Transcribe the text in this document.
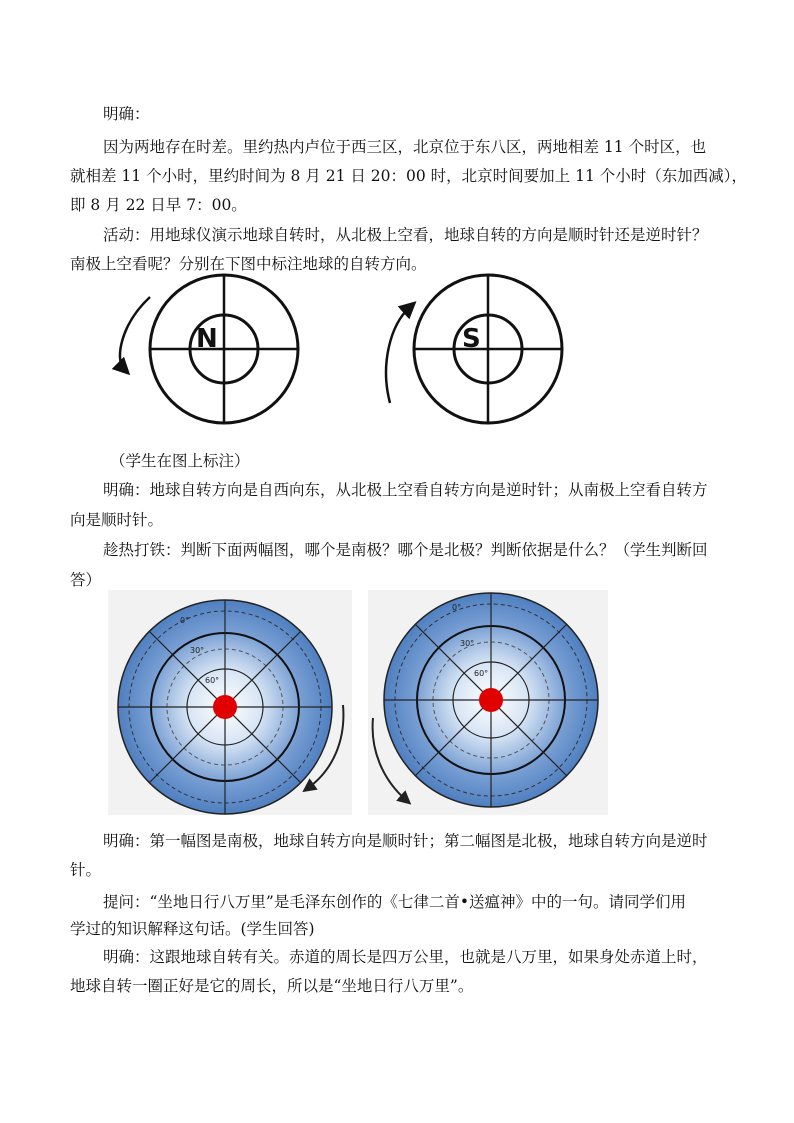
明确：
因为两地存在时差。里约热内卢位于西三区，北京位于东八区，两地相差 11 个时区，也
就相差 11 个小时，里约时间为 8 月 21 日 20：00 时，北京时间要加上 11 个小时（东加西减），
即 8 月 22 日早 7：00。
活动：用地球仪演示地球自转时，从北极上空看，地球自转的方向是顺时针还是逆时针？
南极上空看呢？分别在下图中标注地球的自转方向。
N	S
（学生在图上标注）
明确：地球自转方向是自西向东，从北极上空看自转方向是逆时针；从南极上空看自转方
向是顺时针。
趁热打铁：判断下面两幅图，哪个是南极？哪个是北极？判断依据是什么？（学生判断回
答）
0°
30°
60°
0°
30°
60°
明确：第一幅图是南极，地球自转方向是顺时针；第二幅图是北极，地球自转方向是逆时
针。
提问：“坐地日行八万里”是毛泽东创作的《七律二首•送瘟神》中的一句。请同学们用
学过的知识解释这句话。(学生回答)
明确：这跟地球自转有关。赤道的周长是四万公里，也就是八万里，如果身处赤道上时，
地球自转一圈正好是它的周长，所以是“坐地日行八万里”。
